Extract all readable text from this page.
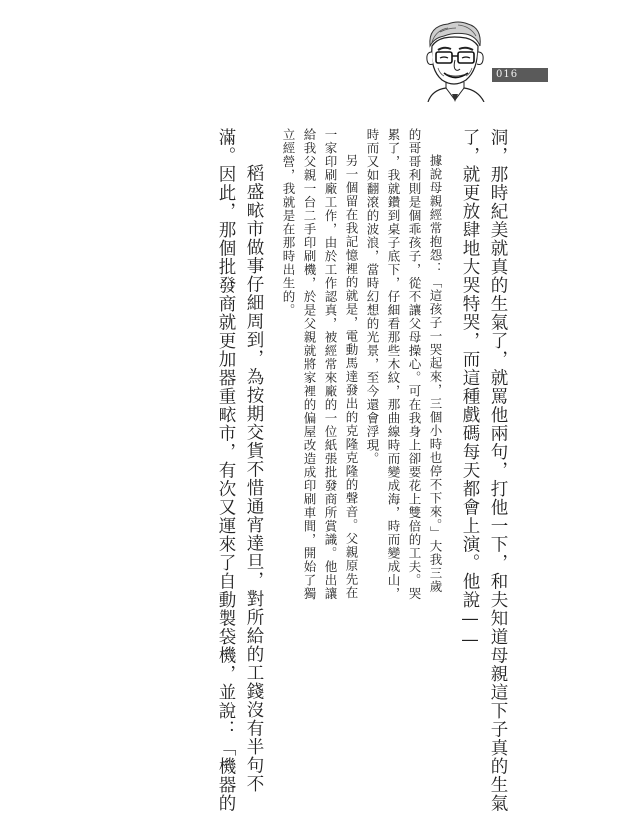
016

洞，那時紀美就真的生氣了，就罵他兩句，打他一下，和夫知道母親這下子真的生氣

了，就更放肆地大哭特哭，而這種戲碼每天都會上演。他說——

據說母親經常抱怨：「這孩子一哭起來，三個小時也停不下來。」大我三歲

的哥哥利則是個乖孩子，從不讓父母操心。可在我身上卻要花上雙倍的工夫。哭

累了，我就鑽到桌子底下，仔細看那些木紋，那曲線時而變成海，時而變成山，

時而又如翻滾的波浪，當時幻想的光景，至今還會浮現。

另一個留在我記憶裡的就是，電動馬達發出的克隆克隆的聲音。父親原先在

一家印刷廠工作，由於工作認真，被經常來廠的一位紙張批發商所賞識。他出讓

給我父親一台二手印刷機，於是父親就將家裡的偏屋改造成印刷車間，開始了獨

立經營，我就是在那時出生的。

稻盛畩市做事仔細周到，為按期交貨不惜通宵達旦，對所給的工錢沒有半句不

滿。因此，那個批發商就更加器重畩市，有次又運來了自動製袋機，並說：「機器的
